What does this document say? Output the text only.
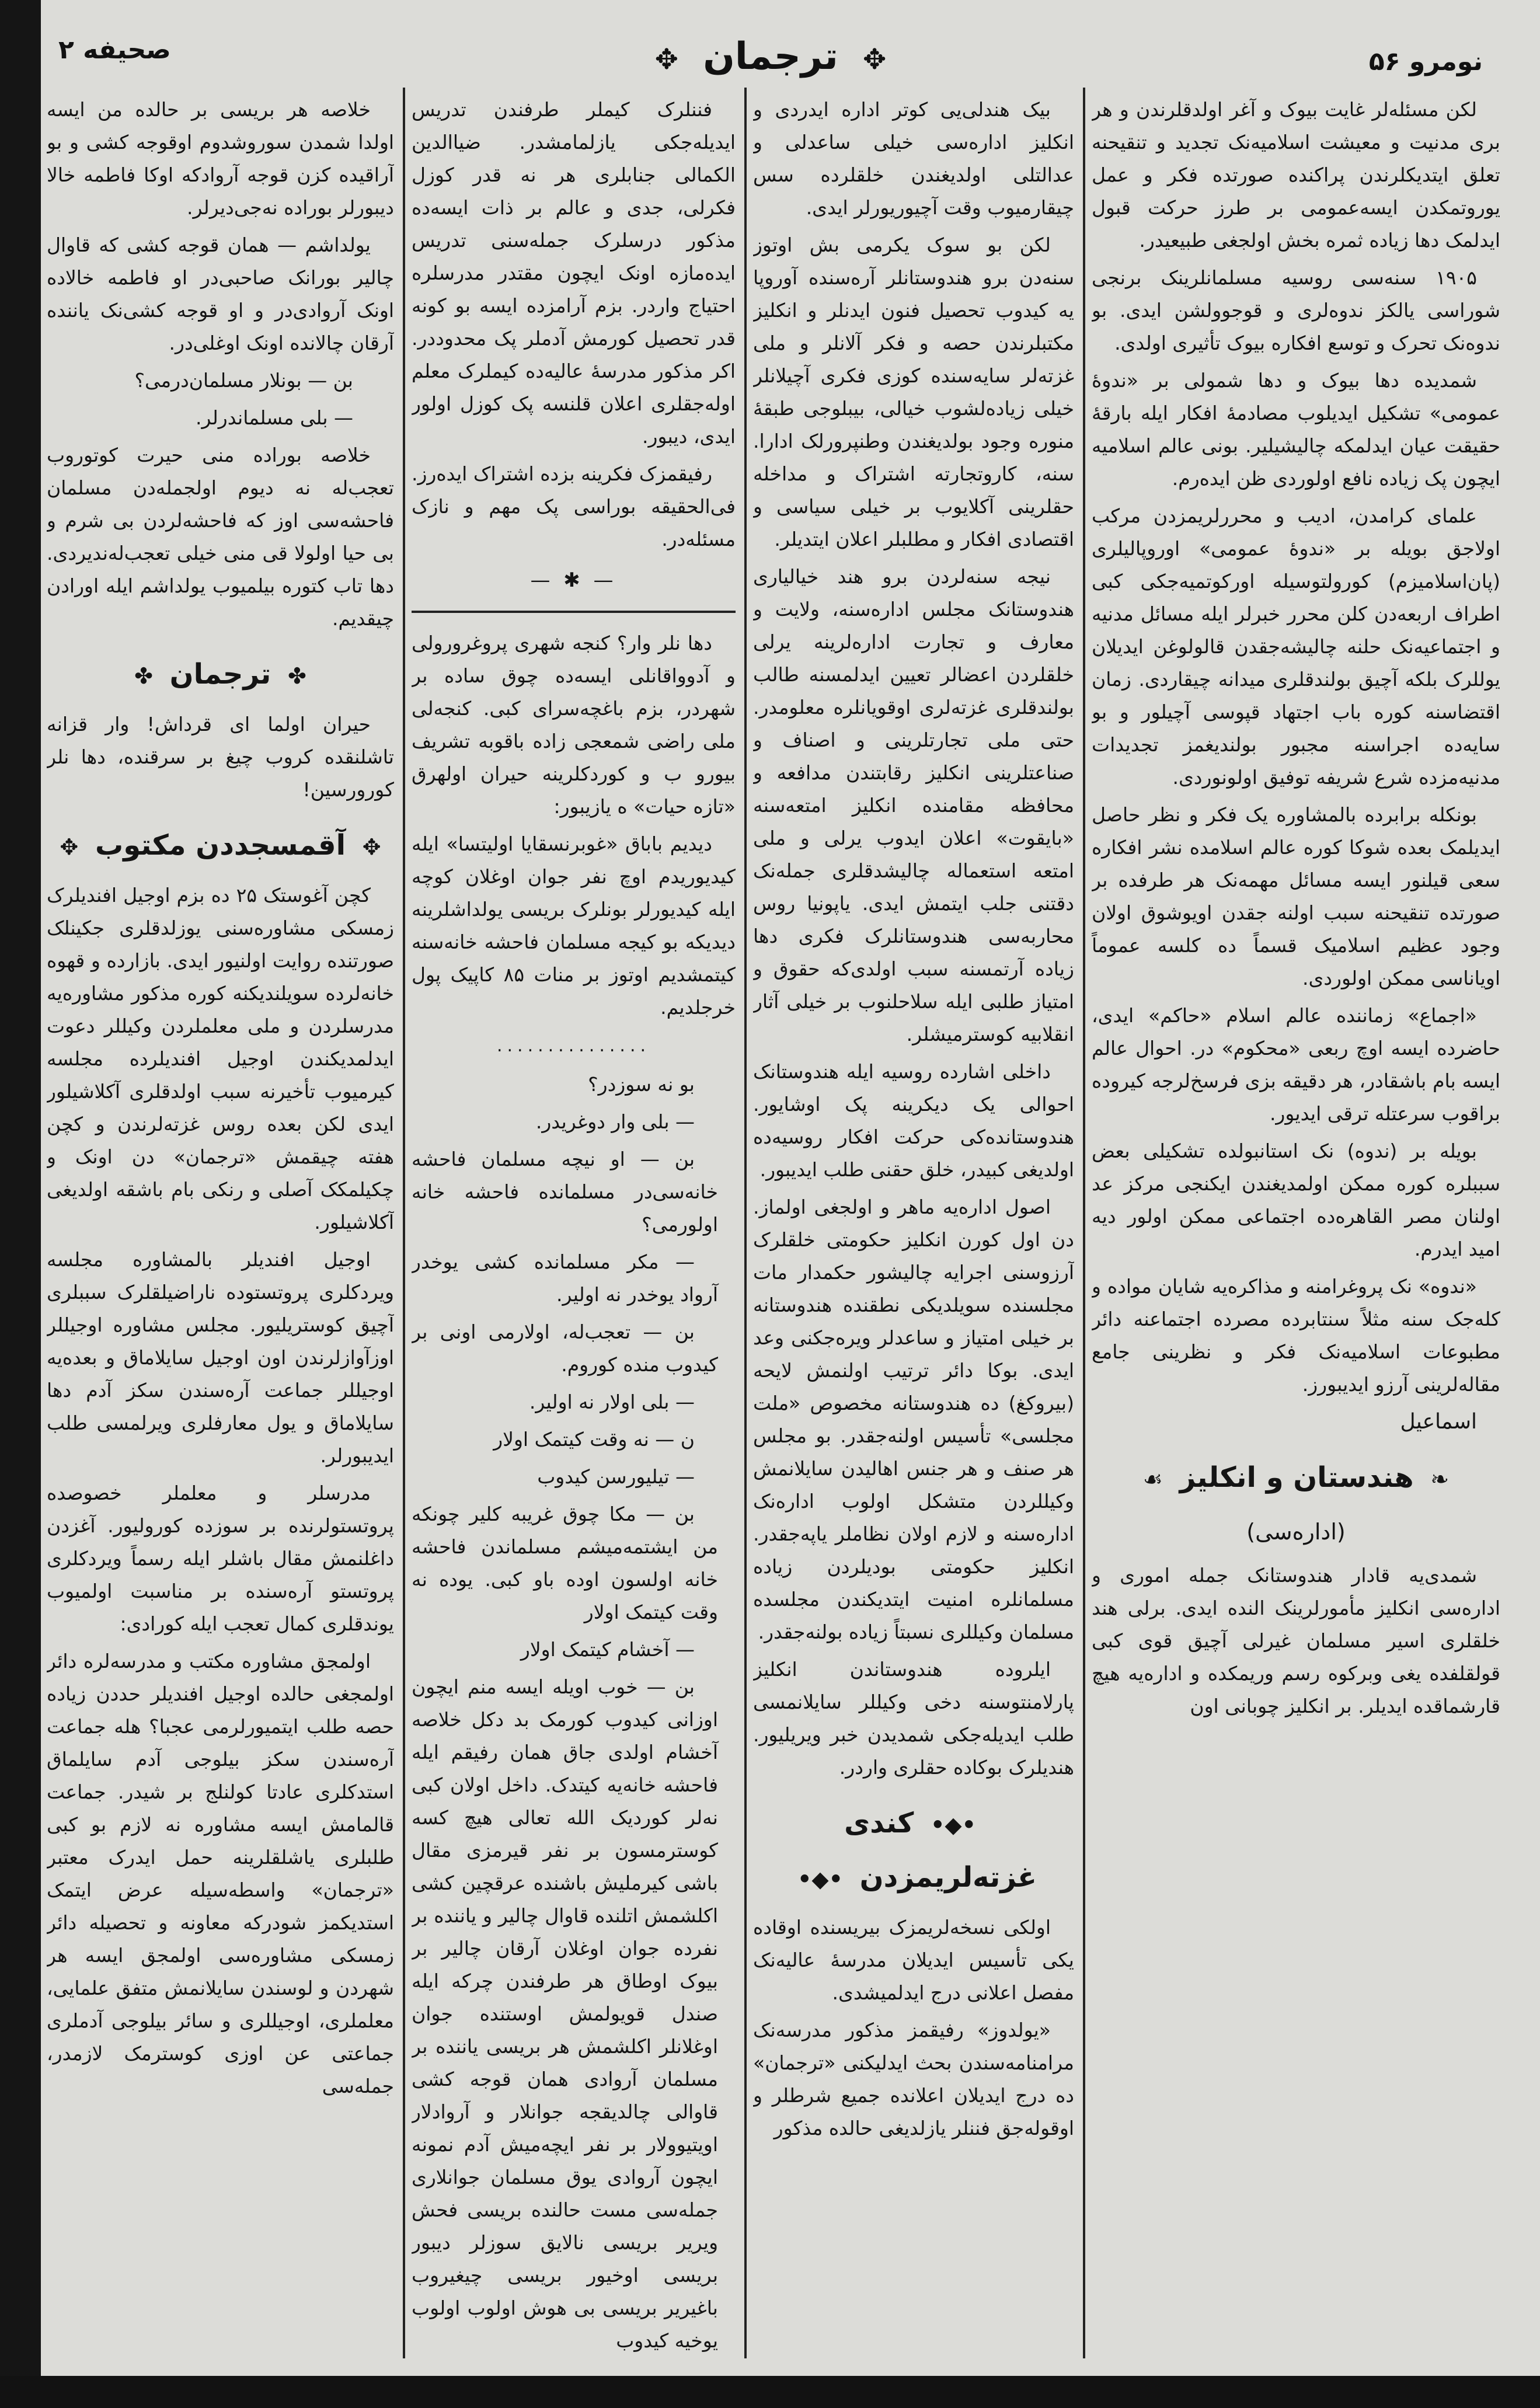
نومرو ۵۶
✥ ترجمان ✥
صحیفه ۲

لکن مسئله‌لر غایت بیوک و آغر اولدقلرندن و هر بری مدنیت و معیشت اسلامیه‌نک تجدید و تنقیحنه تعلق ایتدیکلرندن پراکنده صورتده فکر و عمل یوروتمکدن ایسه‌عمومی بر طرز حرکت قبول ایدلمک دها زیاده ثمره بخش اولجغی طبیعیدر.

۱۹۰۵ سنه‌سی روسیه مسلمانلرینک برنجی شوراسی یالکز ندوه‌لری و قوجوولشن ایدی. بو ندوه‌نک تحرک و توسع افکاره بیوک تأثیری اولدی.

شمدیده دها بیوک و دها شمولی بر «ندوۀ عمومی» تشکیل ایدیلوب مصادمۀ افکار ایله بارقۀ حقیقت عیان ایدلمکه چالیشیلیر. بونی عالم اسلامیه ایچون پک زیاده نافع اولوردی ظن ایده‌رم.

علمای کرامدن، ادیب و محررلریمزدن مرکب اولاجق بویله بر «ندوۀ عمومی» اوروپالیلری (پان‌اسلامیزم) کورولتوسیله اورکوتمیه‌جکی کبی اطراف اربعه‌دن کلن محرر خبرلر ایله مسائل مدنیه و اجتماعیه‌نک حلنه چالیشه‌جقدن قالولوغن ایدیلان یوللرک بلکه آچیق بولندقلری میدانه چیقاردی. زمان اقتضاسنه کوره باب اجتهاد قپوسی آچیلور و بو سایه‌ده اجراسنه مجبور بولندیغمز تجدیدات مدنیه‌مزده شرع شریفه توفیق اولونوردی.

بونکله برابرده بالمشاوره یک فکر و نظر حاصل ایدیلمک بعده شوکا کوره عالم اسلامده نشر افکاره سعی قیلنور ایسه مسائل مهمه‌نک هر طرفده بر صورتده تنقیحنه سبب اولنه جقدن اویوشوق اولان وجود عظیم اسلامیک قسماً ده کلسه عموماً اویاناسی ممکن اولوردی.

«اجماع» زماننده عالم اسلام «حاکم» ایدی، حاضرده ایسه اوچ ربعی «محکوم» در. احوال عالم ایسه بام باشقادر، هر دقیقه بزی فرسخ‌لرجه کیروده براقوب سرعتله ترقی ایدیور.

بویله بر (ندوه) نک استانبولده تشکیلی بعض سببلره کوره ممکن اولمدیغندن ایکنجی مرکز عد اولنان مصر القاهره‌ده اجتماعی ممکن اولور دیه امید ایدرم.

«ندوه» نک پروغرامنه و مذاکره‌یه شایان مواده و کله‌جک سنه مثلاً سنتابرده مصرده اجتماعنه دائر مطبوعات اسلامیه‌نک فکر و نظرینی جامع مقاله‌لرینی آرزو ایدیبورز.

اسماعیل

❧ هندستان و انکلیز ☙
(اداره‌سی)

شمدی‌یه قادار هندوستانک جمله اموری و اداره‌سی انکلیز مأمورلرینک النده ایدی. برلی هند خلقلری اسیر مسلمان غیرلی آچیق قوی کبی قولقلفده یغی وبرکوه رسم وریمکده و اداره‌یه هیچ قارشماقده ایدیلر. بر انکلیز چوبانی اون

بیک هندلی‌یی کوتر اداره ایدردی و انکلیز اداره‌سی خیلی ساعدلی و عدالتلی اولدیغندن خلقلرده سس چیقارمیوب وقت آچیوریورلر ایدی.

لکن بو سوک یکرمی بش اوتوز سنه‌دن برو هندوستانلر آره‌سنده آوروپا یه کیدوب تحصیل فنون ایدنلر و انکلیز مکتبلرندن حصه و فکر آلانلر و ملی غزته‌لر سایه‌سنده کوزی فکری آچیلانلر خیلی زیاده‌لشوب خیالی، بیبلوجی طبقۀ منوره وجود بولدیغندن وطنپرورلک ادارا. سنه، کاروتجارته اشتراک و مداخله حقلرینی آکلایوب بر خیلی سیاسی و اقتصادی افکار و مطلبلر اعلان ایتدیلر.

نیجه سنه‌لردن برو هند خیالیاری هندوستانک مجلس اداره‌سنه، ولایت و معارف و تجارت اداره‌لرینه یرلی خلقلردن اعضالر تعیین ایدلمسنه طالب بولندقلری غزته‌لری اوقویانلره معلومدر. حتی ملی تجارتلرینی و اصناف و صناعتلرینی انکلیز رقابتندن مدافعه و محافظه مقامنده انکلیز امتعه‌سنه «بایقوت» اعلان ایدوب یرلی و ملی امتعه استعماله چالیشدقلری جمله‌نک دقتنی جلب ایتمش ایدی. یاپونیا روس محاربه‌سی هندوستانلرک فکری دها زیاده آرتمسنه سبب اولدی‌که حقوق و امتیاز طلبی ایله سلاحلنوب بر خیلی آثار انقلابیه کوسترمیشلر.

داخلی اشارده روسیه ایله هندوستانک احوالی یک دیکرینه پک اوشایور. هندوستانده‌کی حرکت افکار روسیه‌ده اولدیغی کبیدر، خلق حقنی طلب ایدیبور.

اصول اداره‌یه ماهر و اولجغی اولماز. دن اول کورن انکلیز حکومتی خلقلرک آرزوسنی اجرایه چالیشور حکمدار مات مجلسنده سویلدیکی نطقنده هندوستانه بر خیلی امتیاز و ساعدلر ویره‌جکنی وعد ایدی. بوکا دائر ترتیب اولنمش لایحه (بیروکغ) ده هندوستانه مخصوص «ملت مجلسی» تأسیس اولنه‌جقدر. بو مجلس هر صنف و هر جنس اهالیدن سایلانمش وکیللردن متشکل اولوب اداره‌نک اداره‌سنه و لازم اولان نظاملر یاپه‌جقدر. انکلیز حکومتی بودیلردن زیاده مسلمانلره امنیت ایتدیکندن مجلسده مسلمان وکیللری نسبتاً زیاده بولنه‌جقدر.

ایلروده هندوستاندن انکلیز پارلامنتوسنه دخی وکیللر سایلانمسی طلب ایدیله‌جکی شمدیدن خبر ویریلیور. هندیلرک بوکاده حقلری واردر.

•◆• کندی غزته‌لریمزدن •◆•

اولکی نسخه‌لریمزک بیریسنده اوقاده یکی تأسیس ایدیلان مدرسۀ عالیه‌نک مفصل اعلانی درج ایدلمیشدی.

«یولدوز» رفیقمز مذکور مدرسه‌نک مرامنامه‌سندن بحث ایدلیکنی «ترجمان» ده درج ایدیلان اعلانده جمیع شرطلر و اوقوله‌جق فننلر یازلدیغی حالده مذکور

فننلرک کیملر طرفندن تدریس ایدیله‌جکی یازلمامشدر. ضیاالدین الکمالی جنابلری هر نه قدر کوزل فکرلی، جدی و عالم بر ذات ایسه‌ده مذکور درسلرک جمله‌سنی تدریس ایده‌مازه اونک ایچون مقتدر مدرسلره احتیاج واردر. بزم آرامزده ایسه بو کونه قدر تحصیل کورمش آدملر پک محدوددر. اکر مذکور مدرسۀ عالیه‌ده کیملرک معلم اوله‌جقلری اعلان قلنسه پک کوزل اولور ایدی، دیبور.

رفیقمزک فکرینه بزده اشتراک ایده‌رز. فی‌الحقیقه بوراسی پک مهم و نازک مسئله‌در.

— ✱ —

دها نلر وار؟ کنجه شهری پروغرورولی و آدوواقانلی ایسه‌ده چوق ساده بر شهردر، بزم باغچه‌سرای کبی. کنجه‌لی ملی راضی شمعجی زاده باقوبه تشریف بیورو ب و کوردکلرینه حیران اولهرق «تازه حیات» ه یازیبور:

دیدیم باباق «غوبرنسقایا اولیتسا» ایله کیدیوریدم اوچ نفر جوان اوغلان کوچه ایله کیدیورلر بونلرک بریسی یولداشلرینه دیدیکه بو کیجه مسلمان فاحشه خانه‌سنه کیتمشدیم اوتوز بر منات ۸۵ کاپیک پول خرجلدیم.

...............

بو نه سوزدر؟

— بلی وار دوغریدر.

بن — او نیچه مسلمان فاحشه خانه‌سی‌در مسلمانده فاحشه خانه اولورمی؟

— مکر مسلمانده کشی یوخدر آرواد یوخدر نه اولیر.

بن — تعجب‌له، اولارمی اونی بر کیدوب منده کوروم.

— بلی اولار نه اولیر.

ن — نه وقت کیتمک اولار

— تیلیورسن کیدوب

بن — مکا چوق غریبه کلیر چونکه من ایشتمه‌میشم مسلماندن فاحشه خانه اولسون اوده باو کبی. یوده نه وقت کیتمک اولار

— آخشام کیتمک اولار

بن — خوب اویله ایسه منم ایچون اوزانی کیدوب کورمک بد دکل خلاصه آخشام اولدی جاق همان رفیقم ایله فاحشه خانه‌یه کیتدک. داخل اولان کبی نه‌لر کوردیک الله تعالی هیچ کسه کوسترمسون بر نفر قیرمزی مقال باشی کیرملیش باشنده عرقچین کشی اکلشمش اتلنده قاوال چالیر و یاننده بر نفرده جوان اوغلان آرقان چالیر بر بیوک اوطاق هر طرفندن چرکه ایله صندل قویولمش اوستنده جوان اوغلانلر اکلشمش هر بریسی یاننده بر مسلمان آروادی همان قوجه کشی قاوالی چالدیقجه جوانلار و آروادلار اویتیوولار بر نفر ایچه‌میش آدم نمونه ایچون آروادی یوق مسلمان جوانلاری جمله‌سی مست حالنده بریسی فحش ویریر بریسی نالایق سوزلر دیبور بریسی اوخیور بریسی چیغیروب باغیریر بریسی بی هوش اولوب اولوب یوخیه کیدوب

خلاصه هر بریسی بر حالده من ایسه اولدا شمدن سوروشدوم اوقوجه کشی و بو آراقیده کزن قوجه آروادکه اوکا فاطمه خالا دیبورلر بوراده نه‌جی‌دیرلر.

یولداشم — همان قوجه کشی که قاوال چالیر بورانک صاحبی‌در او فاطمه خالاده اونک آروادی‌در و او قوجه کشی‌نک یاننده آرقان چالانده اونک اوغلی‌در.

بن — بونلار مسلمان‌درمی؟

— بلی مسلماندرلر.

خلاصه بوراده منی حیرت کوتوروب تعجب‌له نه دیوم اولجمله‌دن مسلمان فاحشه‌سی اوز که فاحشه‌لردن بی شرم و بی حیا اولولا قی منی خیلی تعجب‌له‌ندیردی. دها تاب کتوره بیلمیوب یولداشم ایله اورادن چیقدیم.

✤ ترجمان ✤

حیران اولما ای قرداش! وار قزانه تاشلنقده کروب چیغ بر سرقنده، دها نلر کورورسین!

✥ آقمسجددن مکتوب ✥

کچن آغوستک ۲۵ ده بزم اوجیل افندیلرک زمسکی مشاوره‌سنی یوزلدقلری جکینلک صورتنده روایت اولنیور ایدی. بازارده و قهوه خانه‌لرده سویلندیکنه کوره مذکور مشاوره‌یه مدرسلردن و ملی معلملردن وکیللر دعوت ایدلمدیکندن اوجیل افندیلرده مجلسه کیرمیوب تأخیرنه سبب اولدقلری آکلاشیلور ایدی لکن بعده روس غزته‌لرندن و کچن هفته چیقمش «ترجمان» دن اونک و چکیلمکک آصلی و رنکی بام باشقه اولدیغی آکلاشیلور.

اوجیل افندیلر بالمشاوره مجلسه ویردکلری پروتستوده ناراضیلقلرک سببلری آچیق کوستریلیور. مجلس مشاوره اوجیللر اوزآوازلرندن اون اوجیل سایلاماق و بعده‌یه اوجیللر جماعت آره‌سندن سکز آدم دها سایلاماق و یول معارفلری ویرلمسی طلب ایدیبورلر.

مدرسلر و معلملر خصوصده پروتستولرنده بر سوزده کورولیور. آغزدن داغلنمش مقال باشلر ایله رسماً ویردکلری پروتستو آره‌سنده بر مناسبت اولمیوب یوندقلری کمال تعجب ایله کورادی:

اولمجق مشاوره مکتب و مدرسه‌لره دائر اولمجغی حالده اوجیل افندیلر حددن زیاده حصه طلب ایتمیورلرمی عجبا؟ هله جماعت آره‌سندن سکز بیلوجی آدم سایلماق استدکلری عادتا کولنلج بر شیدر. جماعت قالمامش ایسه مشاوره نه لازم بو کبی طلبلری یاشلقلرینه حمل ایدرک معتبر «ترجمان» واسطه‌سیله عرض ایتمک استدیکمز شودرکه معاونه و تحصیله دائر زمسکی مشاوره‌سی اولمجق ایسه هر شهردن و لوسندن سایلانمش متفق علمایی، معلملری، اوجیللری و سائر بیلوجی آدملری جماعتی عن اوزی کوسترمک لازمدر، جمله‌سی
